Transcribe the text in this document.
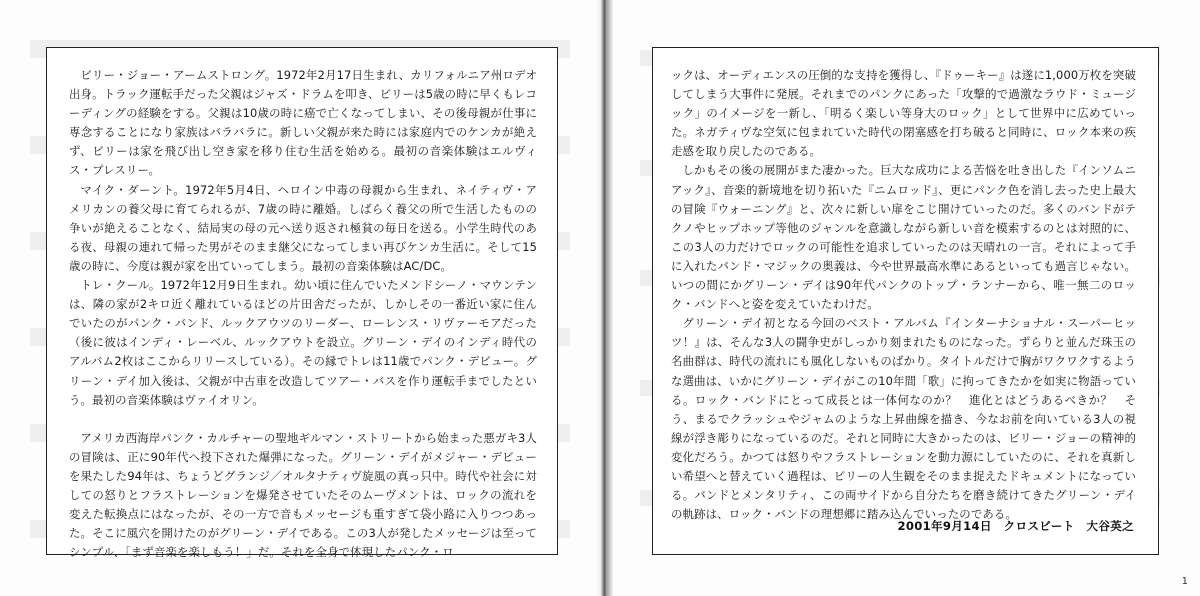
ビリー・ジョー・アームストロング。1972年2月17日生まれ、カリフォルニア州ロデオ出身。トラック運転手だった父親はジャズ・ドラムを叩き、ビリーは5歳の時に早くもレコーディングの経験をする。父親は10歳の時に癌で亡くなってしまい、その後母親が仕事に専念することになり家族はバラバラに。新しい父親が来た時には家庭内でのケンカが絶えず、ビリーは家を飛び出し空き家を移り住む生活を始める。最初の音楽体験はエルヴィス・プレスリー。

マイク・ダーント。1972年5月4日、ヘロイン中毒の母親から生まれ、ネイティヴ・アメリカンの養父母に育てられるが、7歳の時に離婚。しばらく養父の所で生活したものの争いが絶えることなく、結局実の母の元へ送り返され極貧の毎日を送る。小学生時代のある夜、母親の連れて帰った男がそのまま継父になってしまい再びケンカ生活に。そして15歳の時に、今度は親が家を出ていってしまう。最初の音楽体験はAC/DC。

トレ・クール。1972年12月9日生まれ。幼い頃に住んでいたメンドシーノ・マウンテンは、隣の家が2キロ近く離れているほどの片田舎だったが、しかしその一番近い家に住んでいたのがパンク・バンド、ルックアウツのリーダー、ローレンス・リヴァーモアだった（後に彼はインディ・レーベル、ルックアウトを設立。グリーン・デイのインディ時代のアルバム2枚はここからリリースしている）。その縁でトレは11歳でパンク・デビュー。グリーン・デイ加入後は、父親が中古車を改造してツアー・バスを作り運転手までしたという。最初の音楽体験はヴァイオリン。

アメリカ西海岸パンク・カルチャーの聖地ギルマン・ストリートから始まった悪ガキ3人の冒険は、正に90年代へ投下された爆弾になった。グリーン・デイがメジャー・デビューを果たした94年は、ちょうどグランジ／オルタナティヴ旋風の真っ只中。時代や社会に対しての怒りとフラストレーションを爆発させていたそのムーヴメントは、ロックの流れを変えた転換点にはなったが、その一方で音もメッセージも重すぎて袋小路に入りつつあった。そこに風穴を開けたのがグリーン・デイである。この3人が発したメッセージは至ってシンプル、「まず音楽を楽しもう！」だ。それを全身で体現したパンク・ロ

ックは、オーディエンスの圧倒的な支持を獲得し、『ドゥーキー』は遂に1,000万枚を突破してしまう大事件に発展。それまでのパンクにあった「攻撃的で過激なラウド・ミュージック」のイメージを一新し、「明るく楽しい等身大のロック」として世界中に広めていった。ネガティヴな空気に包まれていた時代の閉塞感を打ち破ると同時に、ロック本来の疾走感を取り戻したのである。

しかもその後の展開がまた凄かった。巨大な成功による苦悩を吐き出した『インソムニアック』、音楽的新境地を切り拓いた『ニムロッド』、更にパンク色を消し去った史上最大の冒険『ウォーニング』と、次々に新しい扉をこじ開けていったのだ。多くのバンドがテクノやヒップホップ等他のジャンルを意識しながら新しい音を模索するのとは対照的に、この3人の力だけでロックの可能性を追求していったのは天晴れの一言。それによって手に入れたバンド・マジックの奥義は、今や世界最高水準にあるといっても過言じゃない。いつの間にかグリーン・デイは90年代パンクのトップ・ランナーから、唯一無二のロック・バンドへと姿を変えていたわけだ。

グリーン・デイ初となる今回のベスト・アルバム『インターナショナル・スーパーヒッツ！』は、そんな3人の闘争史がしっかり刻まれたものになった。ずらりと並んだ珠玉の名曲群は、時代の流れにも風化しないものばかり。タイトルだけで胸がワクワクするような選曲は、いかにグリーン・デイがこの10年間「歌」に拘ってきたかを如実に物語っている。ロック・バンドにとって成長とは一体何なのか？　進化とはどうあるべきか？　そう、まるでクラッシュやジャムのような上昇曲線を描き、今なお前を向いている3人の視線が浮き彫りになっているのだ。それと同時に大きかったのは、ビリー・ジョーの精神的変化だろう。かつては怒りやフラストレーションを動力源にしていたのに、それを真新しい希望へと替えていく過程は、ビリーの人生観をそのまま捉えたドキュメントになっている。バンドとメンタリティ、この両サイドから自分たちを磨き続けてきたグリーン・デイの軌跡は、ロック・バンドの理想郷に踏み込んでいったのである。

2001年9月14日　クロスビート　大谷英之
1
